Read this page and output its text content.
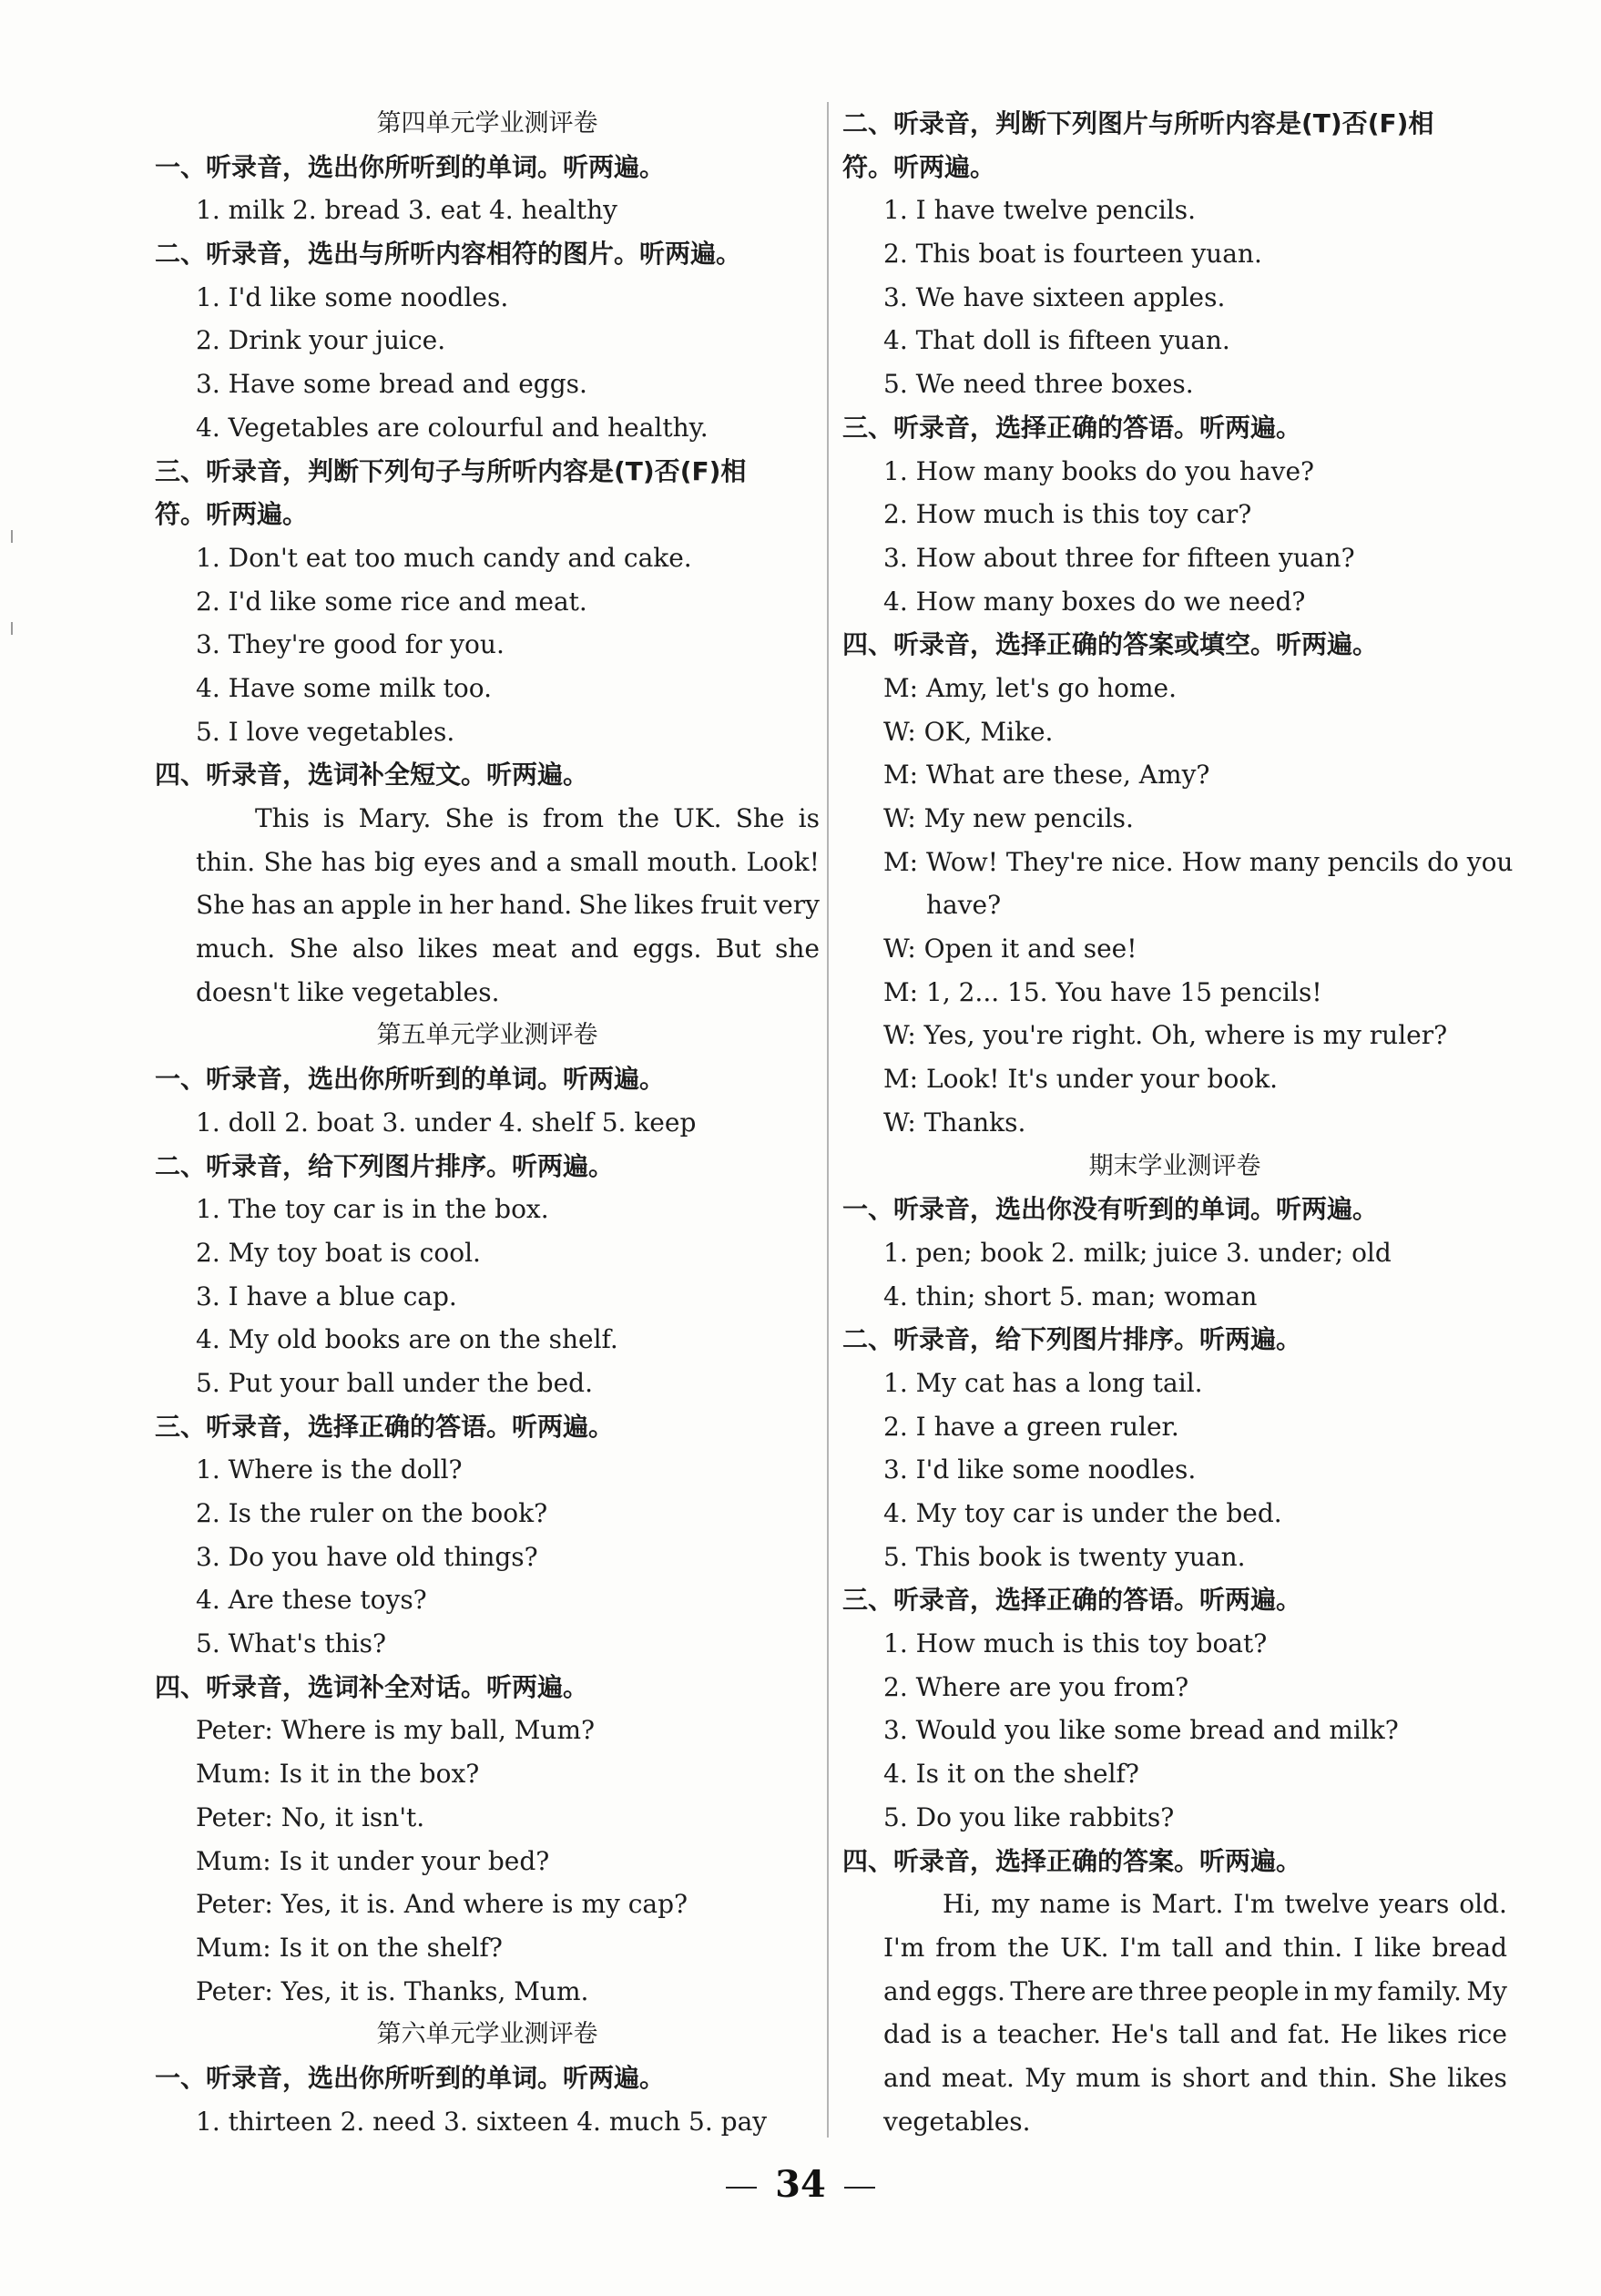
第四单元学业测评卷
一、听录音，选出你所听到的单词。听两遍。
1. milk 2. bread 3. eat 4. healthy
二、听录音，选出与所听内容相符的图片。听两遍。
1. I'd like some noodles.
2. Drink your juice.
3. Have some bread and eggs.
4. Vegetables are colourful and healthy.
三、听录音，判断下列句子与所听内容是(T)否(F)相
符。听两遍。
1. Don't eat too much candy and cake.
2. I'd like some rice and meat.
3. They're good for you.
4. Have some milk too.
5. I love vegetables.
四、听录音，选词补全短文。听两遍。
This is Mary. She is from the UK. She is
thin. She has big eyes and a small mouth. Look!
She has an apple in her hand. She likes fruit very
much. She also likes meat and eggs. But she
doesn't like vegetables.
第五单元学业测评卷
一、听录音，选出你所听到的单词。听两遍。
1. doll 2. boat 3. under 4. shelf 5. keep
二、听录音，给下列图片排序。听两遍。
1. The toy car is in the box.
2. My toy boat is cool.
3. I have a blue cap.
4. My old books are on the shelf.
5. Put your ball under the bed.
三、听录音，选择正确的答语。听两遍。
1. Where is the doll?
2. Is the ruler on the book?
3. Do you have old things?
4. Are these toys?
5. What's this?
四、听录音，选词补全对话。听两遍。
Peter: Where is my ball, Mum?
Mum: Is it in the box?
Peter: No, it isn't.
Mum: Is it under your bed?
Peter: Yes, it is. And where is my cap?
Mum: Is it on the shelf?
Peter: Yes, it is. Thanks, Mum.
第六单元学业测评卷
一、听录音，选出你所听到的单词。听两遍。
1. thirteen 2. need 3. sixteen 4. much 5. pay
二、听录音，判断下列图片与所听内容是(T)否(F)相
符。听两遍。
1. I have twelve pencils.
2. This boat is fourteen yuan.
3. We have sixteen apples.
4. That doll is fifteen yuan.
5. We need three boxes.
三、听录音，选择正确的答语。听两遍。
1. How many books do you have?
2. How much is this toy car?
3. How about three for fifteen yuan?
4. How many boxes do we need?
四、听录音，选择正确的答案或填空。听两遍。
M: Amy, let's go home.
W: OK, Mike.
M: What are these, Amy?
W: My new pencils.
M: Wow! They're nice. How many pencils do you
have?
W: Open it and see!
M: 1, 2... 15. You have 15 pencils!
W: Yes, you're right. Oh, where is my ruler?
M: Look! It's under your book.
W: Thanks.
期末学业测评卷
一、听录音，选出你没有听到的单词。听两遍。
1. pen; book 2. milk; juice 3. under; old
4. thin; short 5. man; woman
二、听录音，给下列图片排序。听两遍。
1. My cat has a long tail.
2. I have a green ruler.
3. I'd like some noodles.
4. My toy car is under the bed.
5. This book is twenty yuan.
三、听录音，选择正确的答语。听两遍。
1. How much is this toy boat?
2. Where are you from?
3. Would you like some bread and milk?
4. Is it on the shelf?
5. Do you like rabbits?
四、听录音，选择正确的答案。听两遍。
Hi, my name is Mart. I'm twelve years old.
I'm from the UK. I'm tall and thin. I like bread
and eggs. There are three people in my family. My
dad is a teacher. He's tall and fat. He likes rice
and meat. My mum is short and thin. She likes
vegetables.
34
